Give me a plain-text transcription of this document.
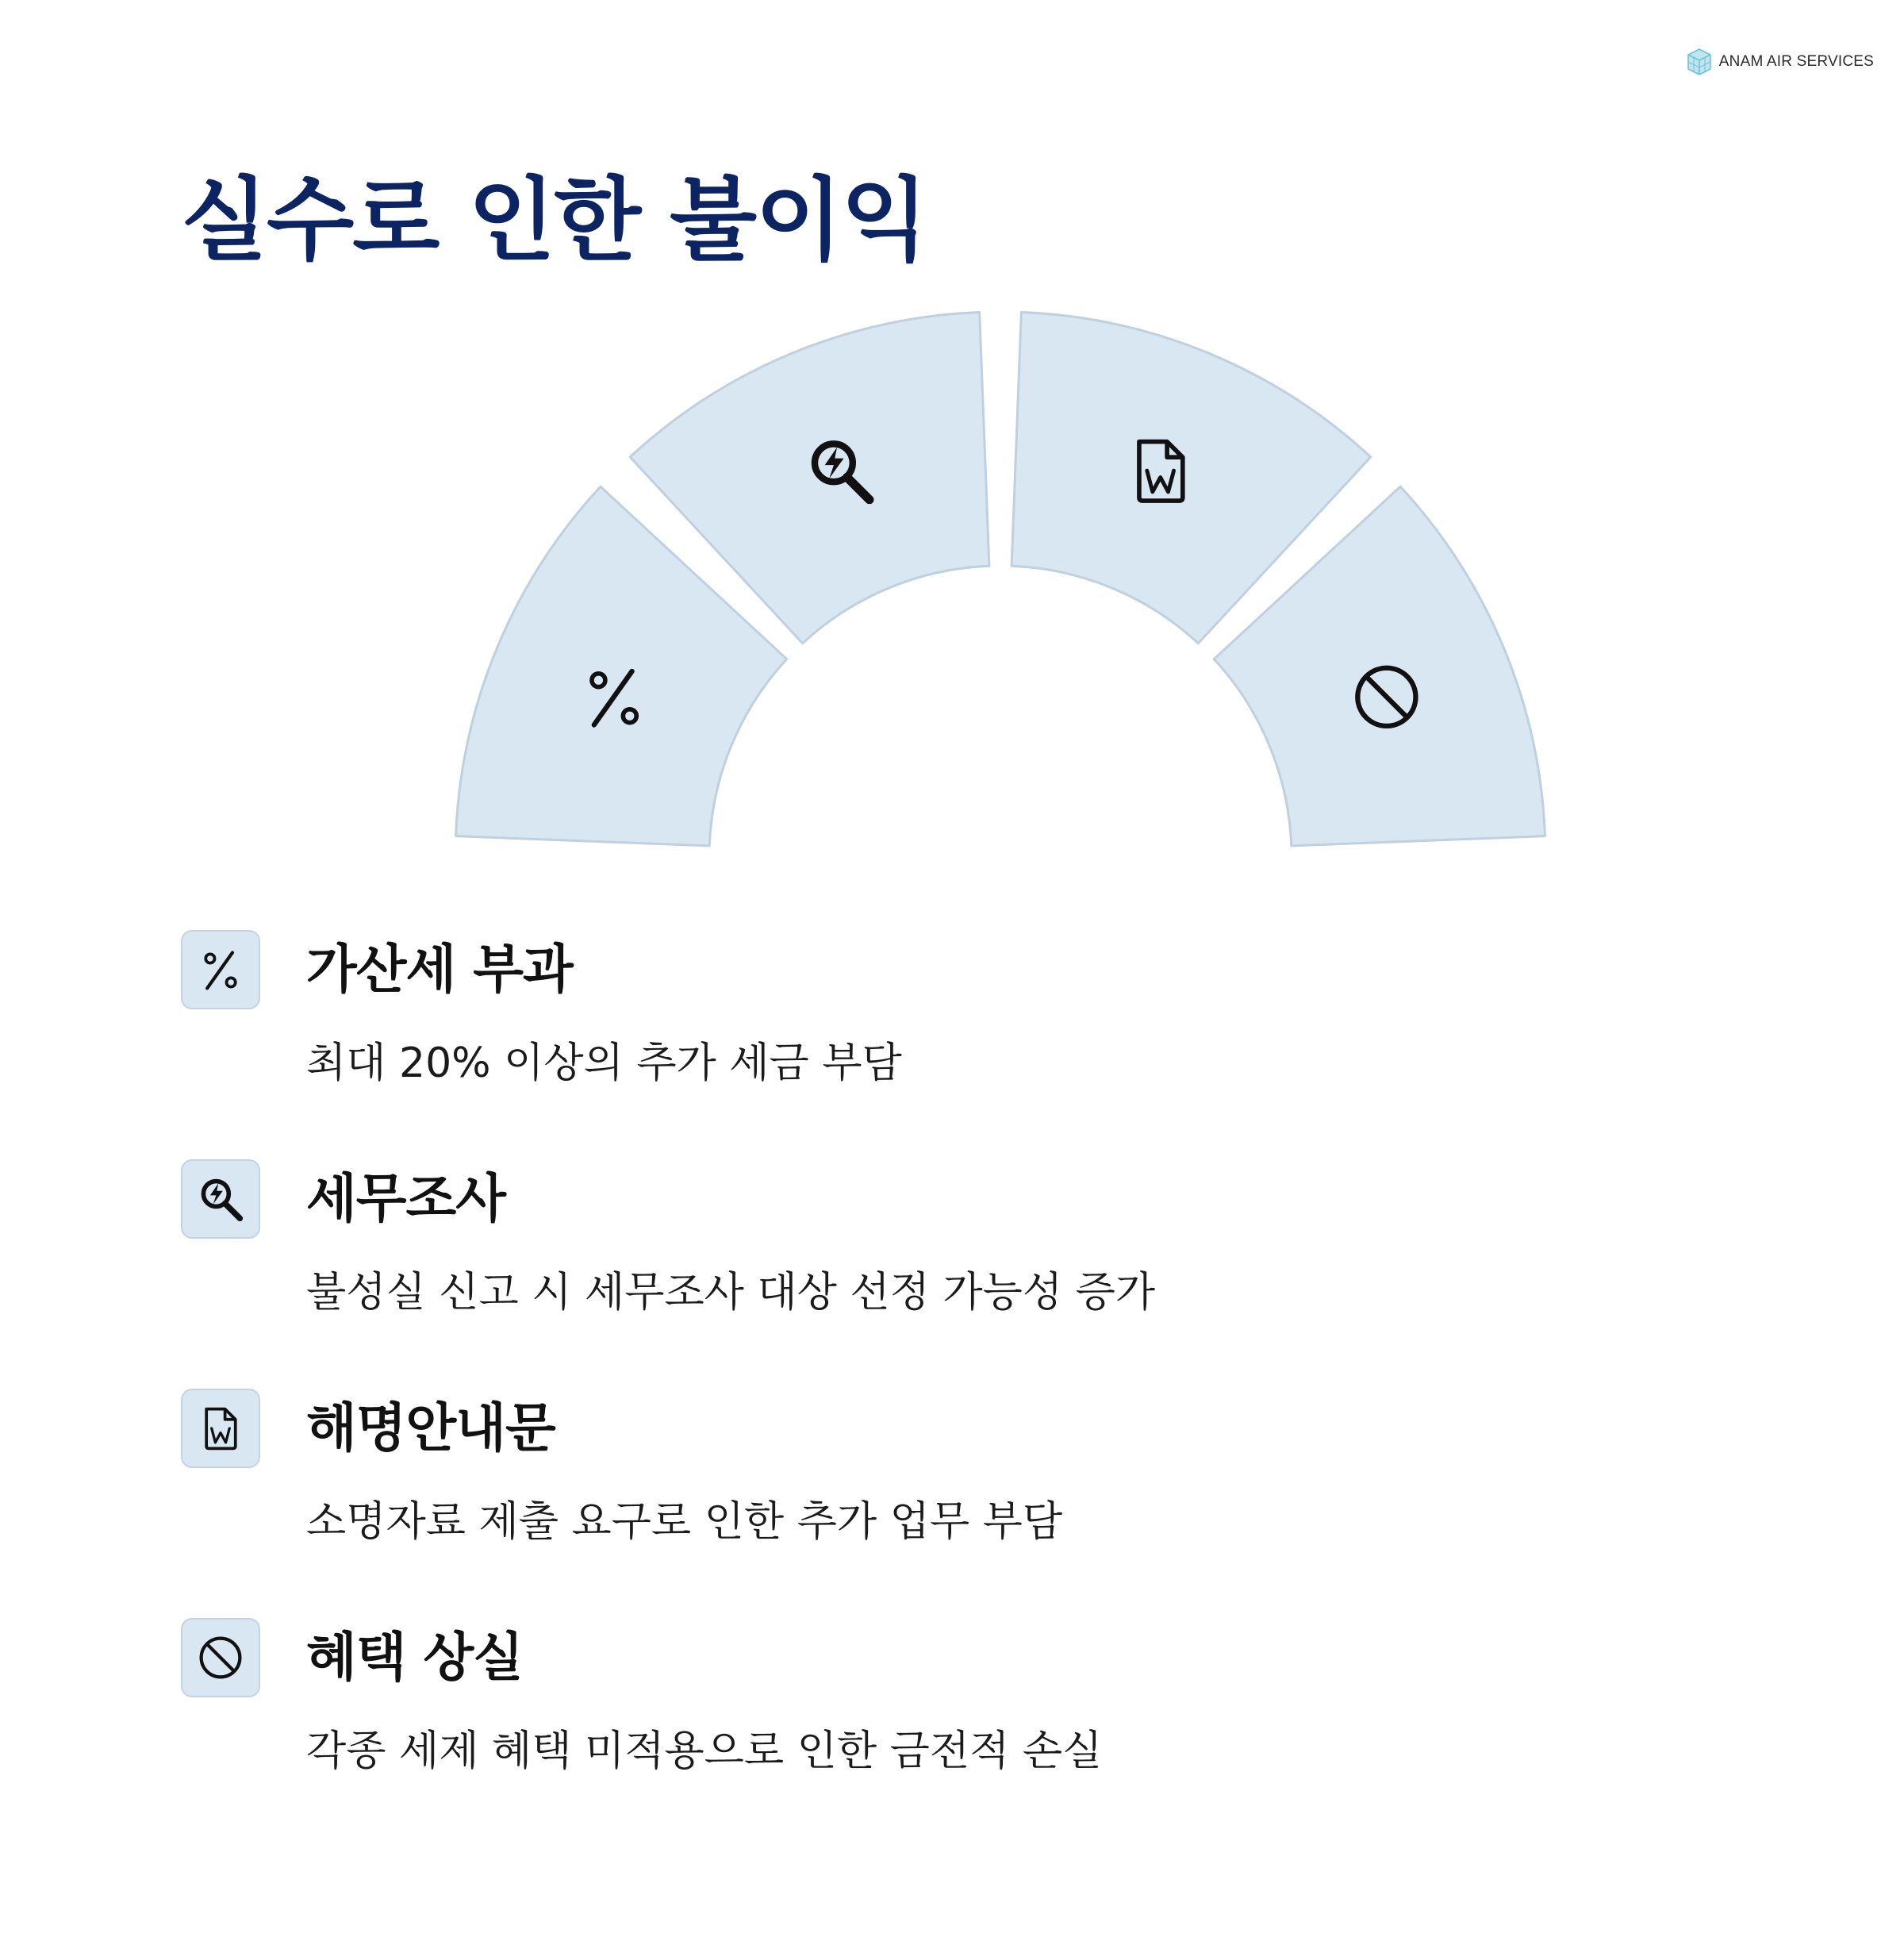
ANAM AIR SERVICES
실수로 인한 불이익
가산세 부과

최대 20% 이상의 추가 세금 부담

세무조사

불성실 신고 시 세무조사 대상 선정 가능성 증가

해명안내문

소명자료 제출 요구로 인한 추가 업무 부담

혜택 상실

각종 세제 혜택 미적용으로 인한 금전적 손실
